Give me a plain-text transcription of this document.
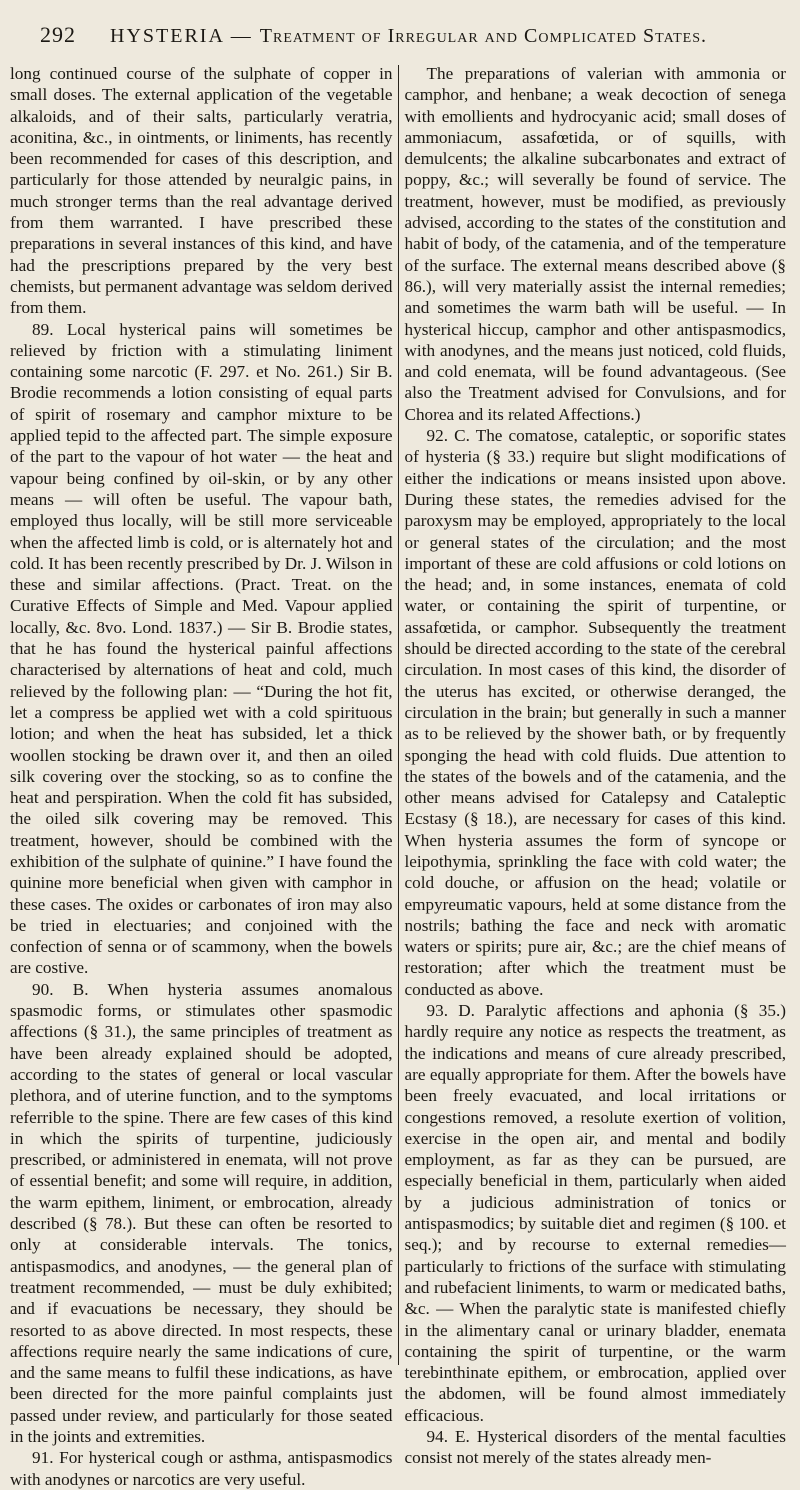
292	HYSTERIA — Treatment of Irregular and Complicated States.

long continued course of the sulphate of copper in small doses. The external application of the vegetable alkaloids, and of their salts, particularly veratria, aconitina, &c., in ointments, or liniments, has recently been recommended for cases of this description, and particularly for those attended by neuralgic pains, in much stronger terms than the real advantage derived from them warranted. I have prescribed these preparations in several instances of this kind, and have had the prescriptions prepared by the very best chemists, but permanent advantage was seldom derived from them.

89. Local hysterical pains will sometimes be relieved by friction with a stimulating liniment containing some narcotic (F. 297. et No. 261.) Sir B. Brodie recommends a lotion consisting of equal parts of spirit of rosemary and camphor mixture to be applied tepid to the affected part. The simple exposure of the part to the vapour of hot water — the heat and vapour being confined by oil-skin, or by any other means — will often be useful. The vapour bath, employed thus locally, will be still more serviceable when the affected limb is cold, or is alternately hot and cold. It has been recently prescribed by Dr. J. Wilson in these and similar affections. (Pract. Treat. on the Curative Effects of Simple and Med. Vapour applied locally, &c. 8vo. Lond. 1837.) — Sir B. Brodie states, that he has found the hysterical painful affections characterised by alternations of heat and cold, much relieved by the following plan: — “During the hot fit, let a compress be applied wet with a cold spirituous lotion; and when the heat has subsided, let a thick woollen stocking be drawn over it, and then an oiled silk covering over the stocking, so as to confine the heat and perspiration. When the cold fit has subsided, the oiled silk covering may be removed. This treatment, however, should be combined with the exhibition of the sulphate of quinine.” I have found the quinine more beneficial when given with camphor in these cases. The oxides or carbonates of iron may also be tried in electuaries; and conjoined with the confection of senna or of scammony, when the bowels are costive.

90. B. When hysteria assumes anomalous spasmodic forms, or stimulates other spasmodic affections (§ 31.), the same principles of treatment as have been already explained should be adopted, according to the states of general or local vascular plethora, and of uterine function, and to the symptoms referrible to the spine. There are few cases of this kind in which the spirits of turpentine, judiciously prescribed, or administered in enemata, will not prove of essential benefit; and some will require, in addition, the warm epithem, liniment, or embrocation, already described (§ 78.). But these can often be resorted to only at considerable intervals. The tonics, antispasmodics, and anodynes, — the general plan of treatment recommended, — must be duly exhibited; and if evacuations be necessary, they should be resorted to as above directed. In most respects, these affections require nearly the same indications of cure, and the same means to fulfil these indications, as have been directed for the more painful complaints just passed under review, and particularly for those seated in the joints and extremities.

91. For hysterical cough or asthma, antispasmodics with anodynes or narcotics are very useful.

The preparations of valerian with ammonia or camphor, and henbane; a weak decoction of senega with emollients and hydrocyanic acid; small doses of ammoniacum, assafœtida, or of squills, with demulcents; the alkaline subcarbonates and extract of poppy, &c.; will severally be found of service. The treatment, however, must be modified, as previously advised, according to the states of the constitution and habit of body, of the catamenia, and of the temperature of the surface. The external means described above (§ 86.), will very materially assist the internal remedies; and sometimes the warm bath will be useful. — In hysterical hiccup, camphor and other antispasmodics, with anodynes, and the means just noticed, cold fluids, and cold enemata, will be found advantageous. (See also the Treatment advised for Convulsions, and for Chorea and its related Affections.)

92. C. The comatose, cataleptic, or soporific states of hysteria (§ 33.) require but slight modifications of either the indications or means insisted upon above. During these states, the remedies advised for the paroxysm may be employed, appropriately to the local or general states of the circulation; and the most important of these are cold affusions or cold lotions on the head; and, in some instances, enemata of cold water, or containing the spirit of turpentine, or assafœtida, or camphor. Subsequently the treatment should be directed according to the state of the cerebral circulation. In most cases of this kind, the disorder of the uterus has excited, or otherwise deranged, the circulation in the brain; but generally in such a manner as to be relieved by the shower bath, or by frequently sponging the head with cold fluids. Due attention to the states of the bowels and of the catamenia, and the other means advised for Catalepsy and Cataleptic Ecstasy (§ 18.), are necessary for cases of this kind. When hysteria assumes the form of syncope or leipothymia, sprinkling the face with cold water; the cold douche, or affusion on the head; volatile or empyreumatic vapours, held at some distance from the nostrils; bathing the face and neck with aromatic waters or spirits; pure air, &c.; are the chief means of restoration; after which the treatment must be conducted as above.

93. D. Paralytic affections and aphonia (§ 35.) hardly require any notice as respects the treatment, as the indications and means of cure already prescribed, are equally appropriate for them. After the bowels have been freely evacuated, and local irritations or congestions removed, a resolute exertion of volition, exercise in the open air, and mental and bodily employment, as far as they can be pursued, are especially beneficial in them, particularly when aided by a judicious administration of tonics or antispasmodics; by suitable diet and regimen (§ 100. et seq.); and by recourse to external remedies—particularly to frictions of the surface with stimulating and rubefacient liniments, to warm or medicated baths, &c. — When the paralytic state is manifested chiefly in the alimentary canal or urinary bladder, enemata containing the spirit of turpentine, or the warm terebinthinate epithem, or embrocation, applied over the abdomen, will be found almost immediately efficacious.

94. E. Hysterical disorders of the mental faculties consist not merely of the states already men-
